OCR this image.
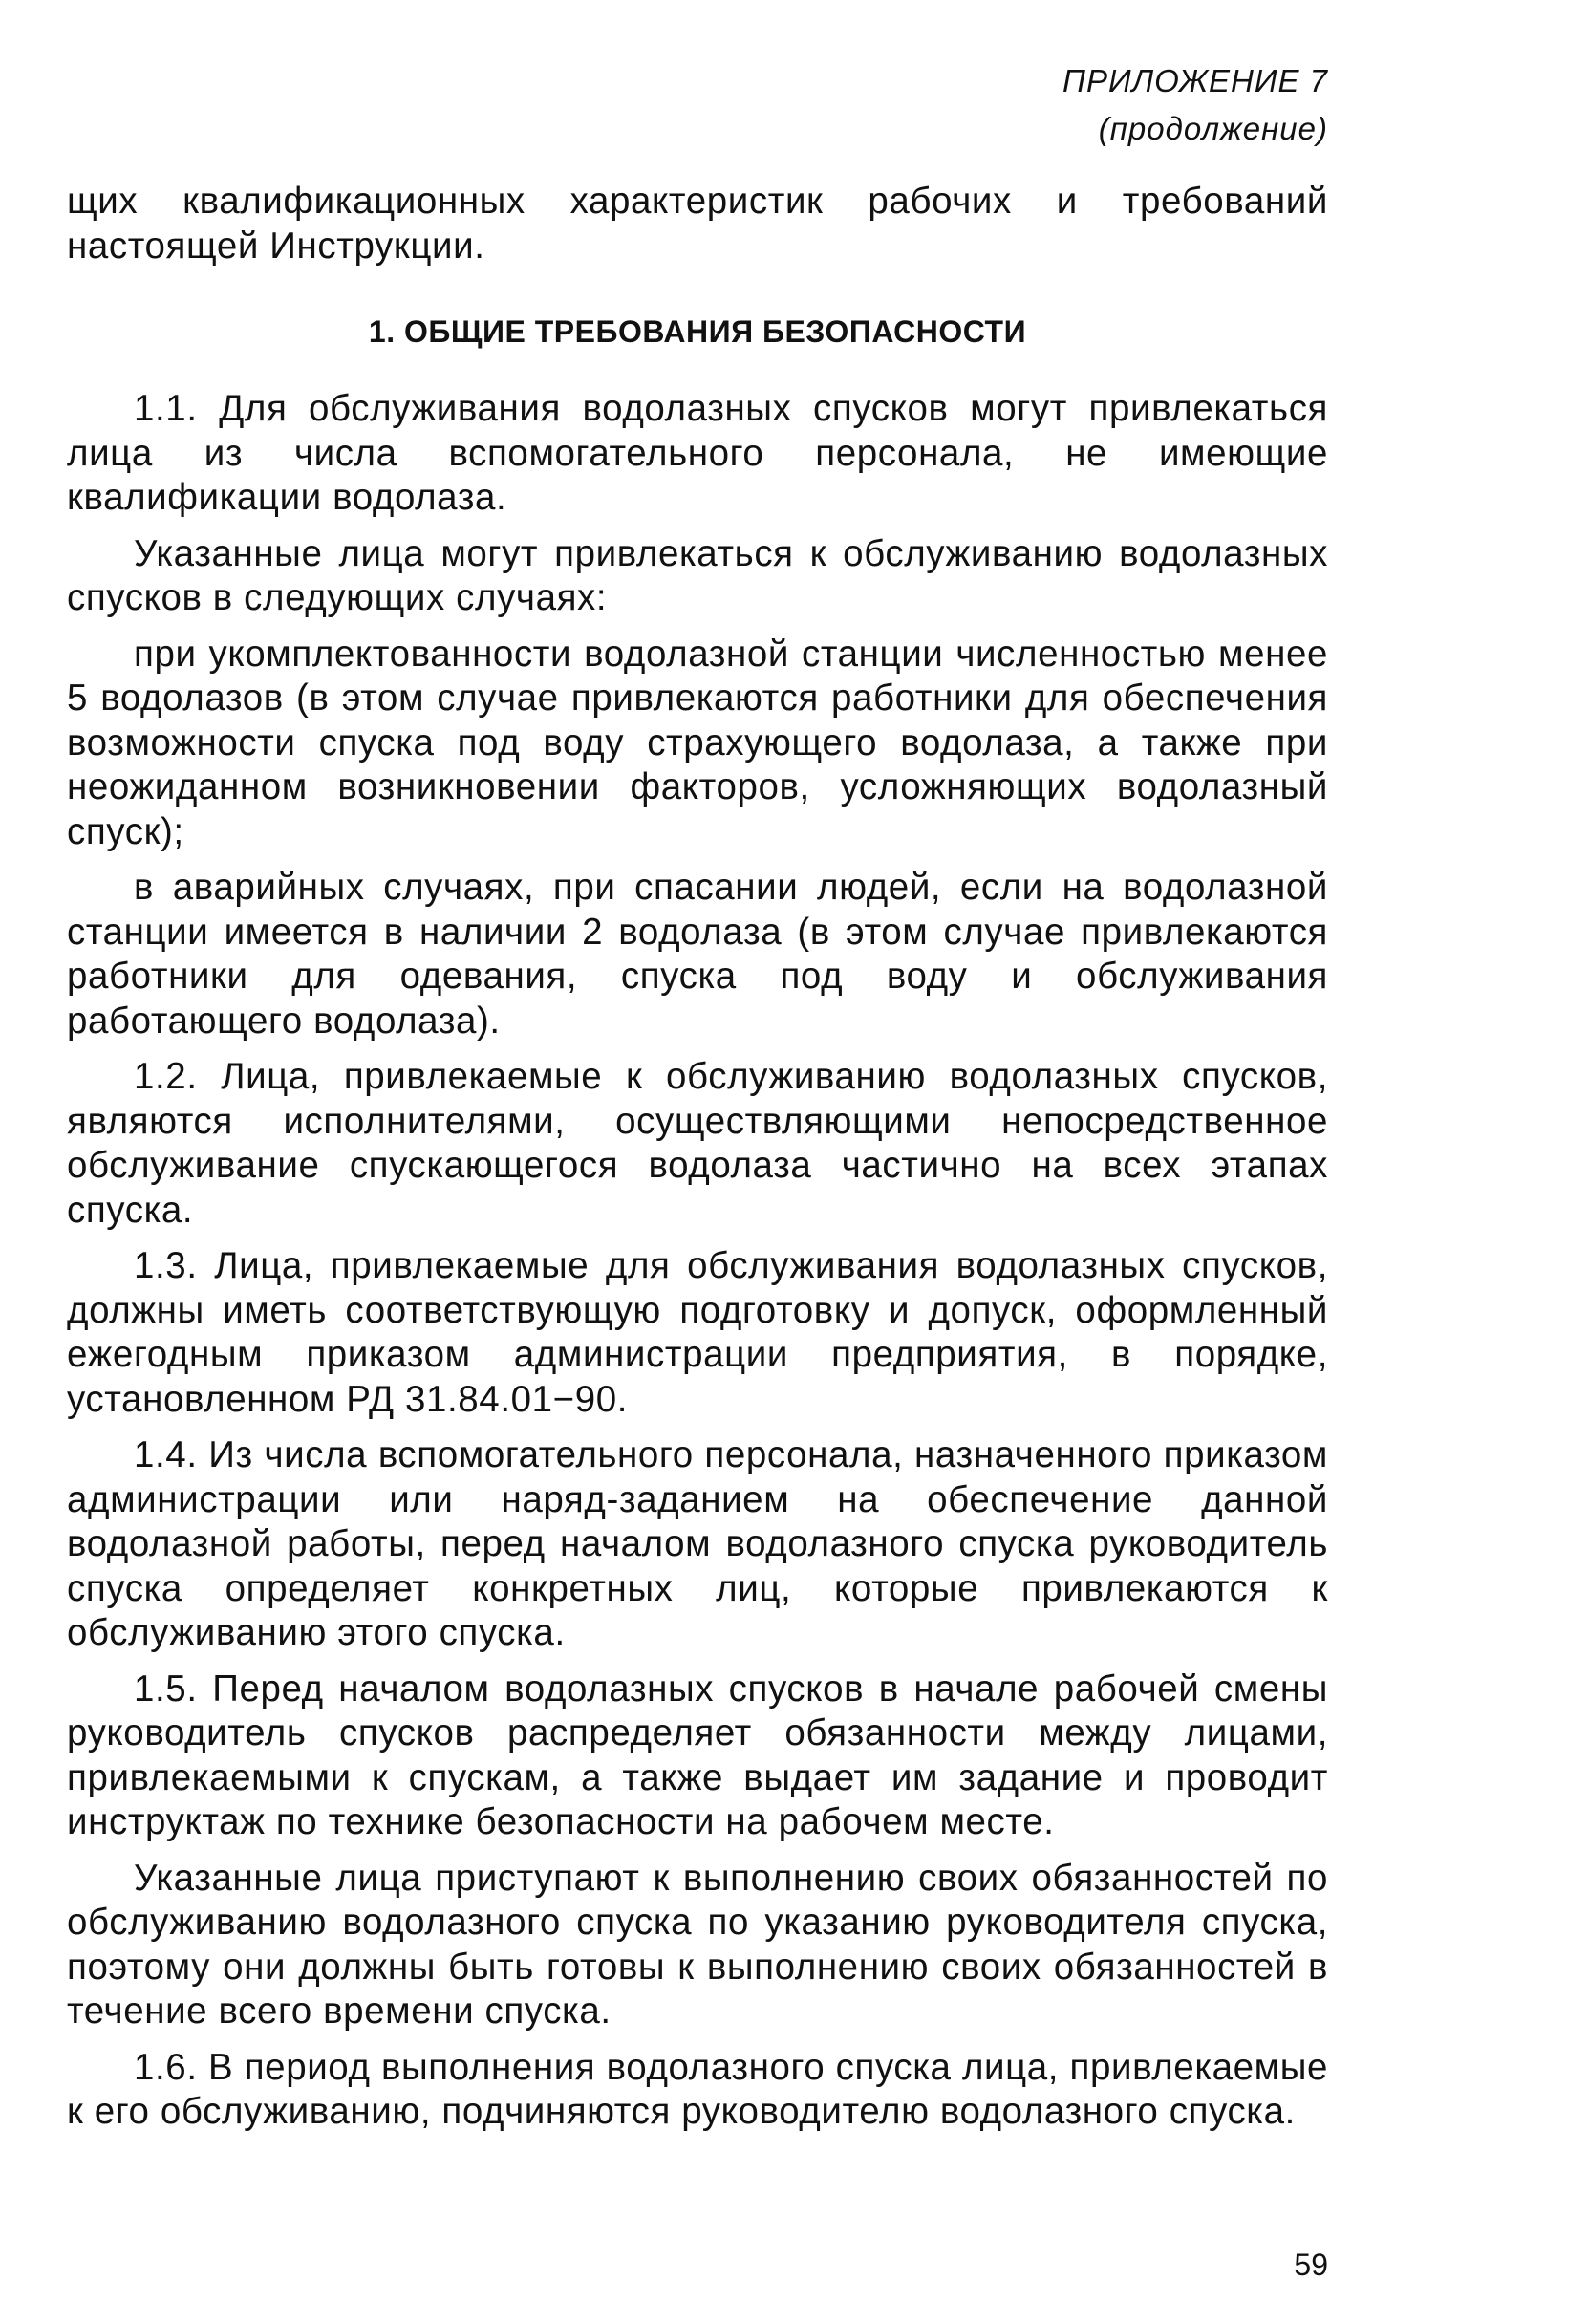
ПРИЛОЖЕНИЕ 7
(продолжение)

щих квалификационных характеристик рабочих и требований настоящей Инструкции.

1. ОБЩИЕ ТРЕБОВАНИЯ БЕЗОПАСНОСТИ

1.1. Для обслуживания водолазных спусков могут привлекаться лица из числа вспомогательного персонала, не имеющие квалификации водолаза.

Указанные лица могут привлекаться к обслуживанию водолазных спусков в следующих случаях:

при укомплектованности водолазной станции численностью менее 5 водолазов (в этом случае привлекаются работники для обеспечения возможности спуска под воду страхующего водолаза, а также при неожиданном возникновении факторов, усложняющих водолазный спуск);

в аварийных случаях, при спасании людей, если на водолазной станции имеется в наличии 2 водолаза (в этом случае привлекаются работники для одевания, спуска под воду и обслуживания работающего водолаза).

1.2. Лица, привлекаемые к обслуживанию водолазных спусков, являются исполнителями, осуществляющими непосредственное обслуживание спускающегося водолаза частично на всех этапах спуска.

1.3. Лица, привлекаемые для обслуживания водолазных спусков, должны иметь соответствующую подготовку и допуск, оформленный ежегодным приказом администрации предприятия, в порядке, установленном РД 31.84.01−90.

1.4. Из числа вспомогательного персонала, назначенного приказом администрации или наряд-заданием на обеспечение данной водолазной работы, перед началом водолазного спуска руководитель спуска определяет конкретных лиц, которые привлекаются к обслуживанию этого спуска.

1.5. Перед началом водолазных спусков в начале рабочей смены руководитель спусков распределяет обязанности между лицами, привлекаемыми к спускам, а также выдает им задание и проводит инструктаж по технике безопасности на рабочем месте.

Указанные лица приступают к выполнению своих обязанностей по обслуживанию водолазного спуска по указанию руководителя спуска, поэтому они должны быть готовы к выполнению своих обязанностей в течение всего времени спуска.

1.6. В период выполнения водолазного спуска лица, привлекаемые к его обслуживанию, подчиняются руководителю водолазного спуска.

59
